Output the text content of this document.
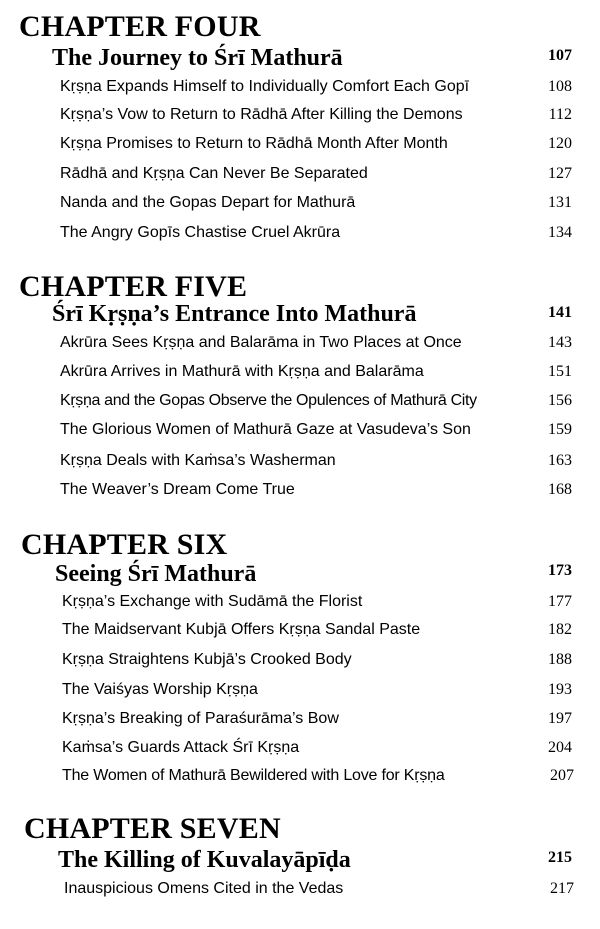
CHAPTER FOUR
The Journey to Śrī Mathurā	107
Kṛṣṇa Expands Himself to Individually Comfort Each Gopī	108
Kṛṣṇa’s Vow to Return to Rādhā After Killing the Demons	112
Kṛṣṇa Promises to Return to Rādhā Month After Month	120
Rādhā and Kṛṣṇa Can Never Be Separated	127
Nanda and the Gopas Depart for Mathurā	131
The Angry Gopīs Chastise Cruel Akrūra	134
CHAPTER FIVE
Śrī Kṛṣṇa’s Entrance Into Mathurā	141
Akrūra Sees Kṛṣṇa and Balarāma in Two Places at Once	143
Akrūra Arrives in Mathurā with Kṛṣṇa and Balarāma	151
Kṛṣṇa and the Gopas Observe the Opulences of Mathurā City	156
The Glorious Women of Mathurā Gaze at Vasudeva’s Son	159
Kṛṣṇa Deals with Kaṁsa’s Washerman	163
The Weaver’s Dream Come True	168
CHAPTER SIX
Seeing Śrī Mathurā	173
Kṛṣṇa’s Exchange with Sudāmā the Florist	177
The Maidservant Kubjā Offers Kṛṣṇa Sandal Paste	182
Kṛṣṇa Straightens Kubjā’s Crooked Body	188
The Vaiśyas Worship Kṛṣṇa	193
Kṛṣṇa’s Breaking of Paraśurāma’s Bow	197
Kaṁsa’s Guards Attack Śrī Kṛṣṇa	204
The Women of Mathurā Bewildered with Love for Kṛṣṇa	207
CHAPTER SEVEN
The Killing of Kuvalayāpīḍa	215
Inauspicious Omens Cited in the Vedas	217
